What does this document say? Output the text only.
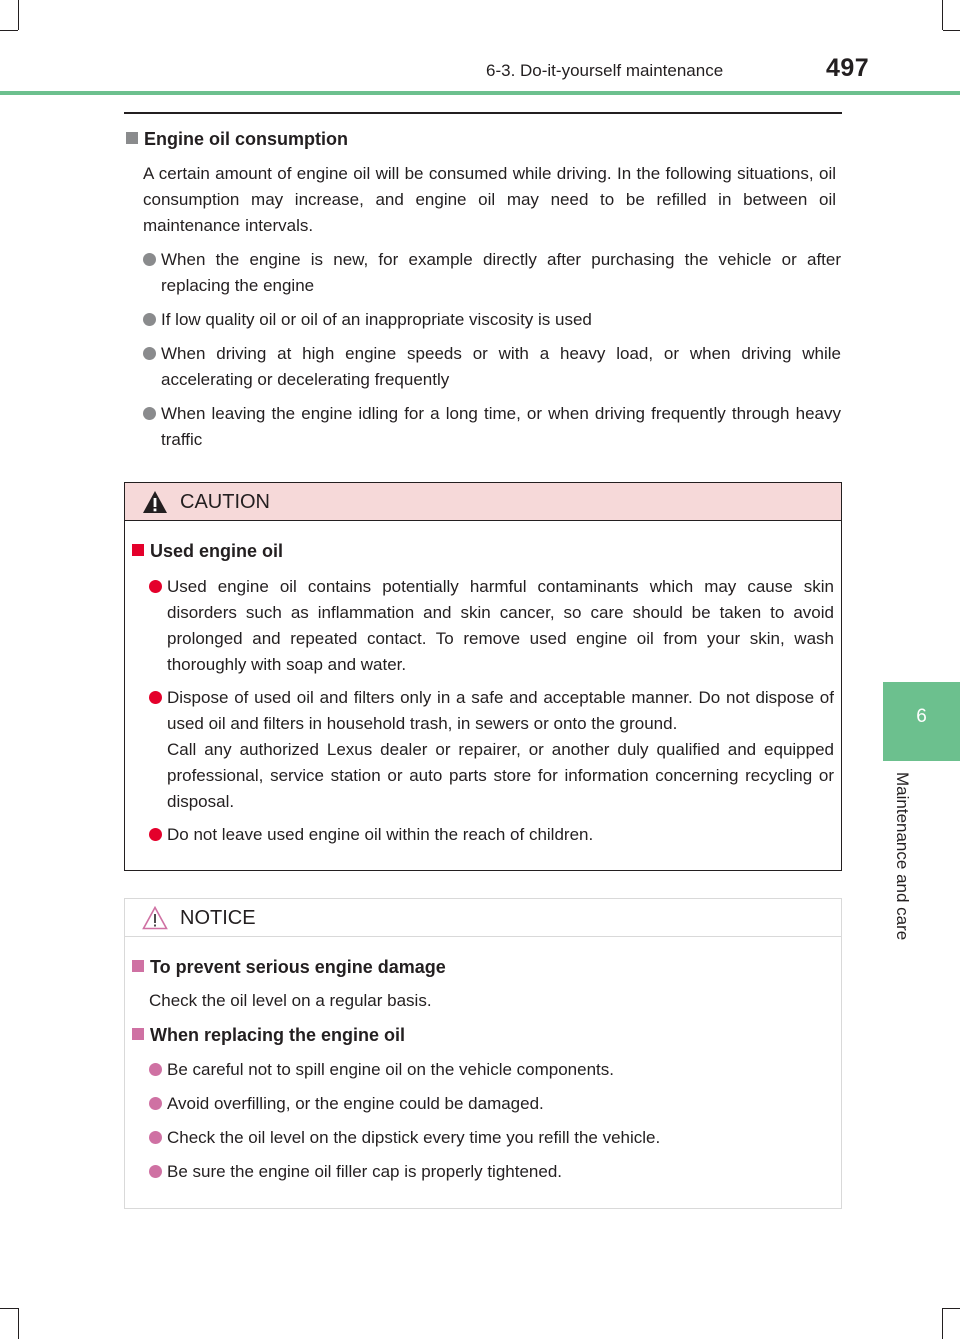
6-3. Do-it-yourself maintenance	497
6
Maintenance and care
Engine oil consumption
A certain amount of engine oil will be consumed while driving. In the following situations, oil consumption may increase, and engine oil may need to be refilled in between oil maintenance intervals.
When the engine is new, for example directly after purchasing the vehicle or after replacing the engine
If low quality oil or oil of an inappropriate viscosity is used
When driving at high engine speeds or with a heavy load, or when driving while accelerating or decelerating frequently
When leaving the engine idling for a long time, or when driving frequently through heavy traffic
CAUTION
Used engine oil
Used engine oil contains potentially harmful contaminants which may cause skin disorders such as inflammation and skin cancer, so care should be taken to avoid prolonged and repeated contact. To remove used engine oil from your skin, wash thoroughly with soap and water.
Dispose of used oil and filters only in a safe and acceptable manner. Do not dispose of used oil and filters in household trash, in sewers or onto the ground.
Call any authorized Lexus dealer or repairer, or another duly qualified and equipped professional, service station or auto parts store for information concerning recycling or disposal.
Do not leave used engine oil within the reach of children.
NOTICE
To prevent serious engine damage
Check the oil level on a regular basis.
When replacing the engine oil
Be careful not to spill engine oil on the vehicle components.
Avoid overfilling, or the engine could be damaged.
Check the oil level on the dipstick every time you refill the vehicle.
Be sure the engine oil filler cap is properly tightened.
